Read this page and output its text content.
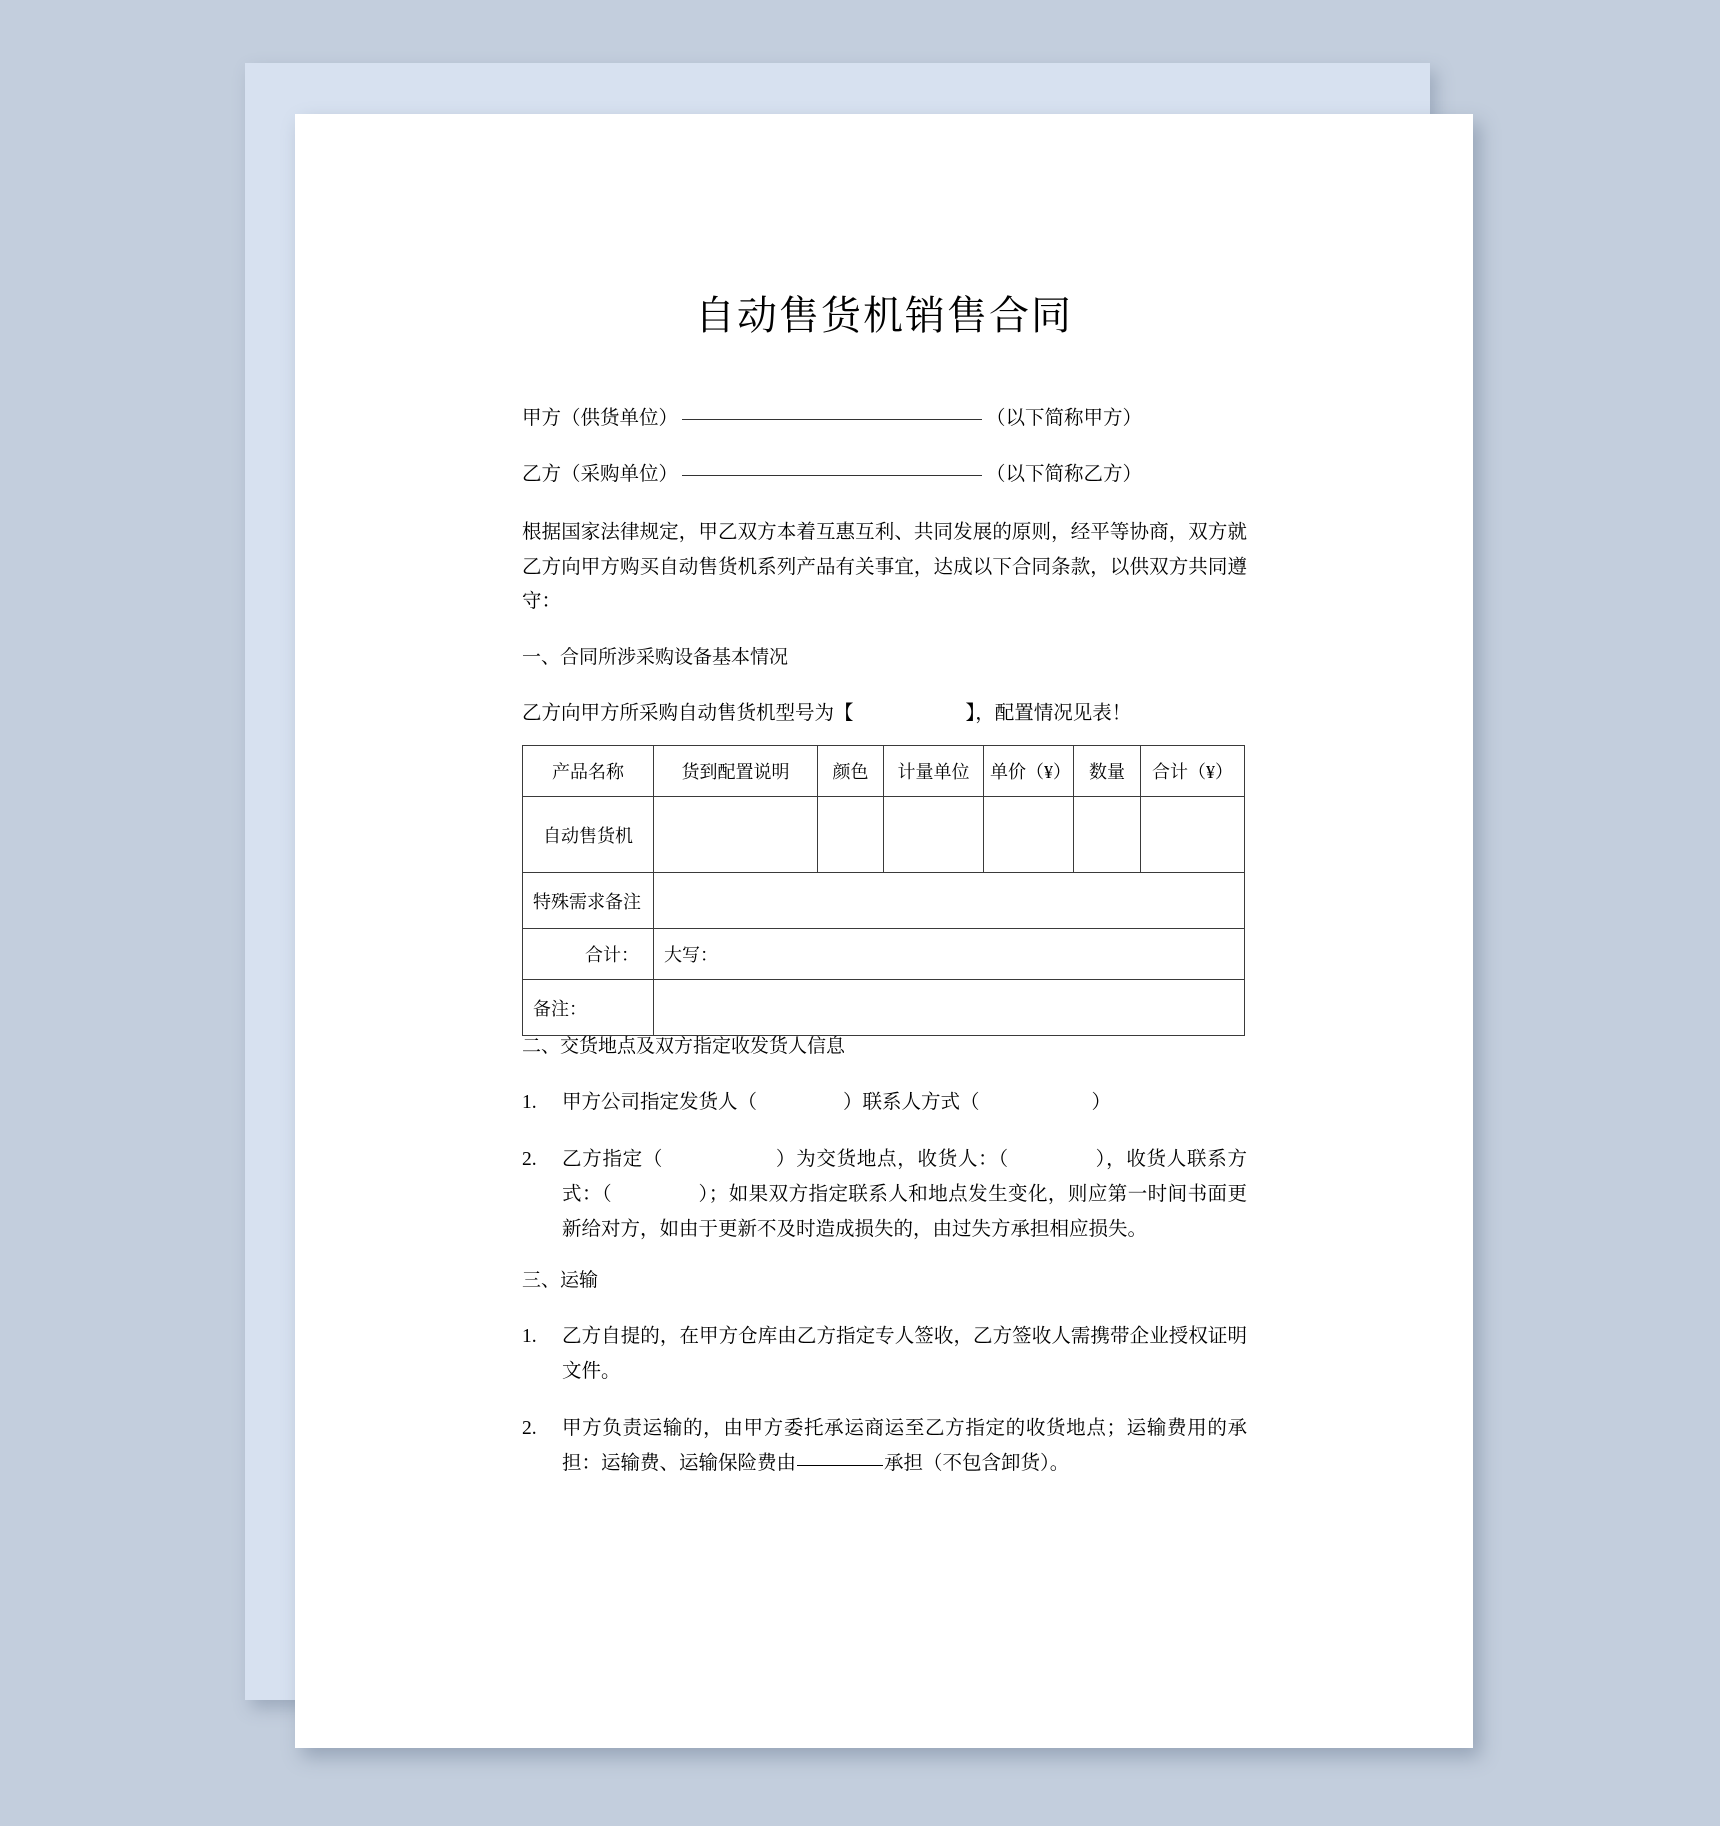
自动售货机销售合同
甲方（供货单位）	（以下简称甲方）
乙方（采购单位）	（以下简称乙方）

根据国家法律规定，甲乙双方本着互惠互利、共同发展的原则，经平等协商，双方就乙方向甲方购买自动售货机系列产品有关事宜，达成以下合同条款，以供双方共同遵守：

一、合同所涉采购设备基本情况

乙方向甲方所采购自动售货机型号为【	】，配置情况见表！

产品名称	货到配置说明	颜色	计量单位	单价（¥）	数量	合计（¥）
自动售货机						
特殊需求备注						
合计：	大写：					
备注：						

二、交货地点及双方指定收发货人信息

1.	甲方公司指定发货人（	）联系人方式（	）
2.	乙方指定（	）为交货地点，收货人：（	），收货人联系方式：（	）；如果双方指定联系人和地点发生变化，则应第一时间书面更新给对方，如由于更新不及时造成损失的，由过失方承担相应损失。

三、运输

1.	乙方自提的，在甲方仓库由乙方指定专人签收，乙方签收人需携带企业授权证明文件。
2.	甲方负责运输的，由甲方委托承运商运至乙方指定的收货地点；运输费用的承担：运输费、运输保险费由	承担（不包含卸货）。
